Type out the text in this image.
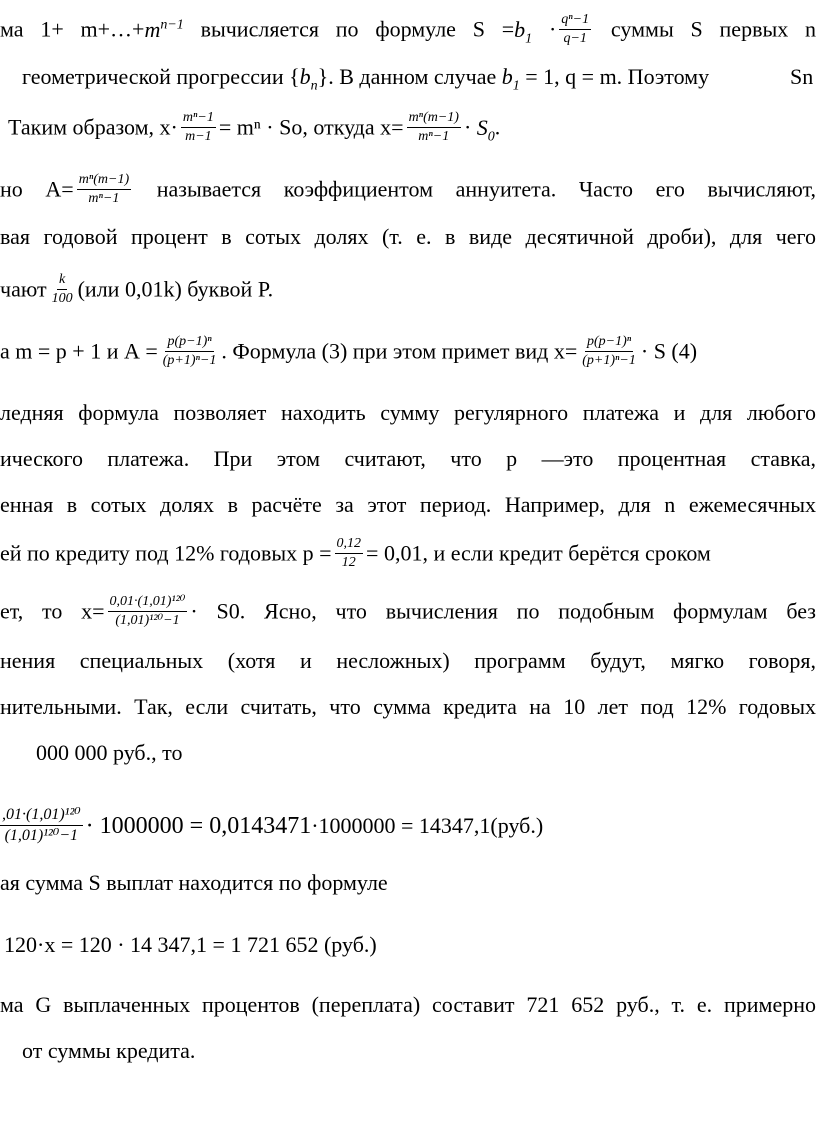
ма $1+ m+\dots+m^{n-1}$ вычисляется по формуле $S =b_1 \cdot \frac{\text{qⁿ−1}}{q-1}$ суммы S первых n
геометрической прогрессии $\{b_n\}$. В данном случае $b_1 = 1$, q = m. Поэтому	Sn
Таким образом, $x\cdot \frac{\text{mⁿ−1}}{m-1} = m^n \cdot So$, откуда $x= \frac{\text{mⁿ(m−1)}}{\text{mⁿ−1}} \cdot S_0$.
но $А= \frac{\text{mⁿ(m−1)}}{\text{mⁿ−1}}$ называется коэффициентом аннуитета. Часто его вычисляют,
вая годовой процент в сотых долях (т. е. в виде десятичной дроби), для чего
чают $\frac{k}{100} (или$ 0,01k) буквой P.
а m = p + 1 и $А = \frac{\text{p(p−1)ⁿ}}{\text{(p+1)ⁿ−1}}$ . Формула (3) при этом примет вид $x= \frac{\text{p(p−1)ⁿ}}{\text{(p+1)ⁿ−1}} \cdot S$ (4)
ледняя формула позволяет находить сумму регулярного платежа и для любого
ического платежа. При этом считают, что p —это процентная ставка,
енная в сотых долях в расчёте за этот период. Например, для n ежемесячных
ей по кредиту под 12% годовых $p = \frac{0,12}{12} = 0,01$, и если кредит берётся сроком
ет, то $x= \frac{\text{0,01·(1,01)¹²⁰}}{\text{(1,01)¹²⁰−1}} \cdot S0$. Ясно, что вычисления по подобным формулам без
нения специальных (хотя и несложных) программ будут, мягко говоря,
нительными. Так, если считать, что сумма кредита на 10 лет под 12% годовых
000 000 руб., то
$\frac{\text{,01·(1,01)¹²⁰}}{\text{(1,01)¹²⁰−1}} \cdot 1000000 = 0,0143471\cdot 1000000 = 14347,1(руб.)$
ая сумма S выплат находится по формуле
120·x = 120 · 14 347,1 = 1 721 652 (руб.)
ма G выплаченных процентов (переплата) составит 721 652 руб., т. е. примерно
от суммы кредита.
